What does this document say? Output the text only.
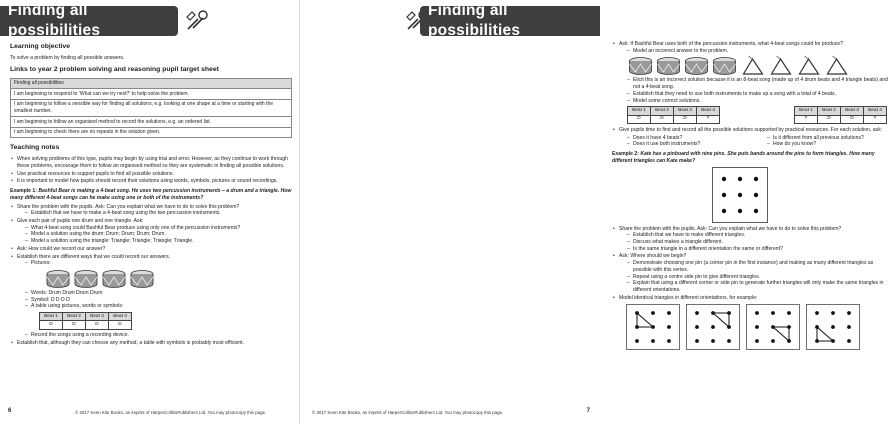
Finding all possibilities
Learning objective

To solve a problem by finding all possible answers.

Links to year 2 problem solving and reasoning pupil target sheet
Finding all possibilities
I am beginning to respond to ‘What can we try next?’ to help solve the problem.
I am beginning to follow a sensible way for finding all solutions, e.g. looking at one shape at a time or starting with the smallest number.
I am beginning to follow an organised method to record the solutions, e.g. an ordered list.
I am beginning to check there are no repeats in the solution given.
Teaching notes
• When solving problems of this type, pupils may begin by using trial and error. However, as they continue to work through these problems, encourage them to follow an organised method so they are systematic in finding all possible solutions.
• Use practical resources to support pupils to find all possible solutions.
• It is important to model how pupils should record their solutions using words, symbols, pictures or sound recordings.

Example 1: Bashful Bear is making a 4-beat song. He uses two percussion instruments – a drum and a triangle. How many different 4-beat songs can he make using one or both of the instruments?

• Share the problem with the pupils. Ask: Can you explain what we have to do to solve this problem?
– Establish that we have to make a 4-beat song using the two percussion instruments.
• Give each pair of pupils one drum and one triangle. Ask:
– What 4-beat song could Bashful Bear produce using only one of the percussion instruments?
– Model a solution using the drum: Drum; Drum; Drum; Drum.
– Model a solution using the triangle: Triangle; Triangle; Triangle; Triangle.
• Ask: How could we record our answer?
• Establish there are different ways that we could record our answers.
– Pictures:
– Words: Drum Drum Drum Drum
– Symbol: D D D D
– A table using pictures, words or symbols:
Beat 1	Beat 2	Beat 3	Beat 4
D	D	D	D
– Record the songs using a recording device.
• Establish that, although they can choose any method, a table with symbols is probably most efficient.
6	© 2017 Keen Kite Books, an imprint of HarperCollinsPublishers Ltd. You may photocopy this page.
Finding all possibilities
• Ask: If Bashful Bear uses both of the percussion instruments, what 4-beat songs could he produce?
– Model an incorrect answer to the problem.
– Elicit this is an incorrect solution because it is an 8-beat song (made up of 4 drum beats and 4 triangle beats) and not a 4-beat song.
– Establish that they need to use both instruments to make up a song with a total of 4 beats.
– Model some correct solutions.
Beat 1	Beat 2	Beat 3	Beat 4
D	D	D	T
Beat 1	Beat 2	Beat 3	Beat 4
T	D	D	T
• Give pupils time to find and record all the possible solutions supported by practical resources. For each solution, ask:
– Does it have 4 beats?
– Does it use both instruments?
– Is it different from all previous solutions?
– How do you know?

Example 2: Kate has a pinboard with nine pins. She puts bands around the pins to form triangles. How many different triangles can Kate make?

• Share the problem with the pupils. Ask: Can you explain what we have to do to solve this problem?
– Establish that we have to make different triangles.
– Discuss what makes a triangle different.
– Is the same triangle in a different orientation the same or different?
• Ask: Where should we begin?
– Demonstrate choosing one pin (a corner pin in the first instance) and making as many different triangles as possible with this vertex.
– Repeat using a centre side pin to give different triangles.
– Explain that using a different corner or side pin to generate further triangles will only make the same triangles in different orientations.
• Model identical triangles in different orientations, for example:
© 2017 Keen Kite Books, an imprint of HarperCollinsPublishers Ltd. You may photocopy this page.	7
